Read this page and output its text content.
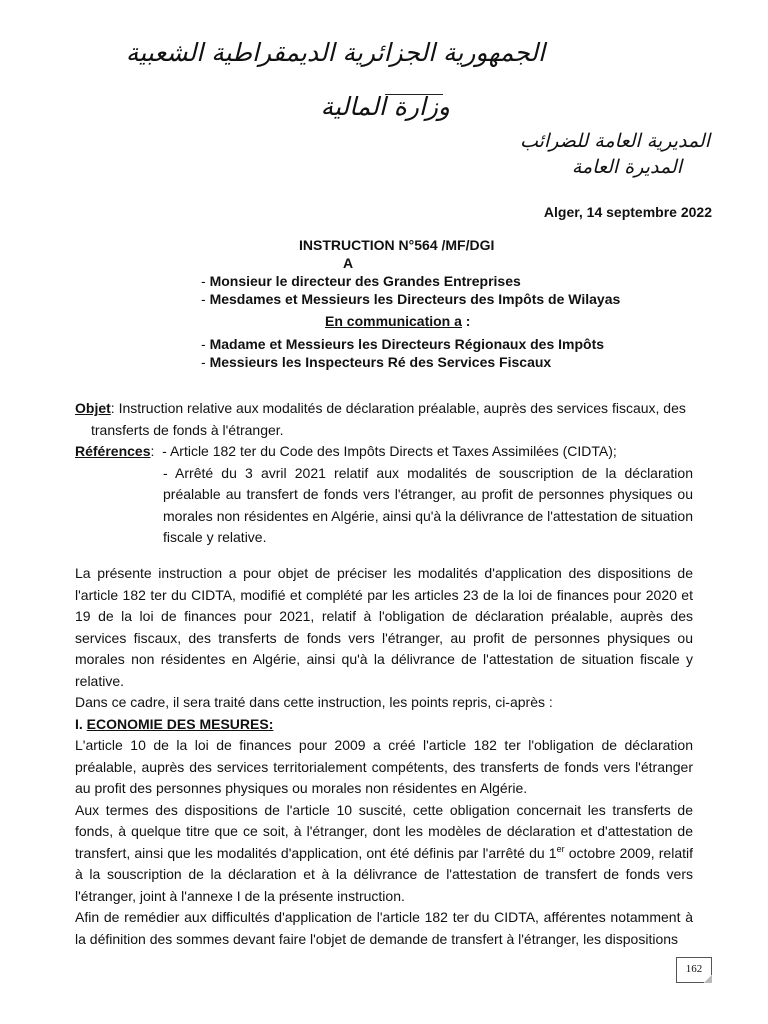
الجمهورية الجزائرية الديمقراطية الشعبية
وزارة المالية
المديرية العامة للضرائب
المديرة العامة
Alger, 14 septembre 2022
INSTRUCTION N°564 /MF/DGI
A
- Monsieur le directeur des Grandes Entreprises
- Mesdames et Messieurs les Directeurs des Impôts de Wilayas
En communication a :
- Madame et Messieurs les Directeurs Régionaux des Impôts
- Messieurs les Inspecteurs Ré des Services Fiscaux
Objet: Instruction relative aux modalités de déclaration préalable, auprès des services fiscaux, des
transferts de fonds à l'étranger.
Références:  - Article 182 ter du Code des Impôts Directs et Taxes Assimilées (CIDTA);
- Arrêté du 3 avril 2021 relatif aux modalités de souscription de la déclaration préalable au transfert de fonds vers l'étranger, au profit de personnes physiques ou morales non résidentes en Algérie, ainsi qu'à la délivrance de l'attestation de situation fiscale y relative.

La présente instruction a pour objet de préciser les modalités d'application des dispositions de l'article 182 ter du CIDTA, modifié et complété par les articles 23 de la loi de finances pour 2020 et 19 de la loi de finances pour 2021, relatif à l'obligation de déclaration préalable, auprès des services fiscaux, des transferts de fonds vers l'étranger, au profit de personnes physiques ou morales non résidentes en Algérie, ainsi qu'à la délivrance de l'attestation de situation fiscale y relative.

Dans ce cadre, il sera traité dans cette instruction, les points repris, ci-après :

I. ECONOMIE DES MESURES:

L'article 10 de la loi de finances pour 2009 a créé l'article 182 ter l'obligation de déclaration préalable, auprès des services territorialement compétents, des transferts de fonds vers l'étranger au profit des personnes physiques ou morales non résidentes en Algérie.

Aux termes des dispositions de l'article 10 suscité, cette obligation concernait les transferts de fonds, à quelque titre que ce soit, à l'étranger, dont les modèles de déclaration et d'attestation de transfert, ainsi que les modalités d'application, ont été définis par l'arrêté du 1er octobre 2009, relatif à la souscription de la déclaration et à la délivrance de l'attestation de transfert de fonds vers l'étranger, joint à l'annexe I de la présente instruction.

Afin de remédier aux difficultés d'application de l'article 182 ter du CIDTA, afférentes notamment à la définition des sommes devant faire l'objet de demande de transfert à l'étranger, les dispositions

162
